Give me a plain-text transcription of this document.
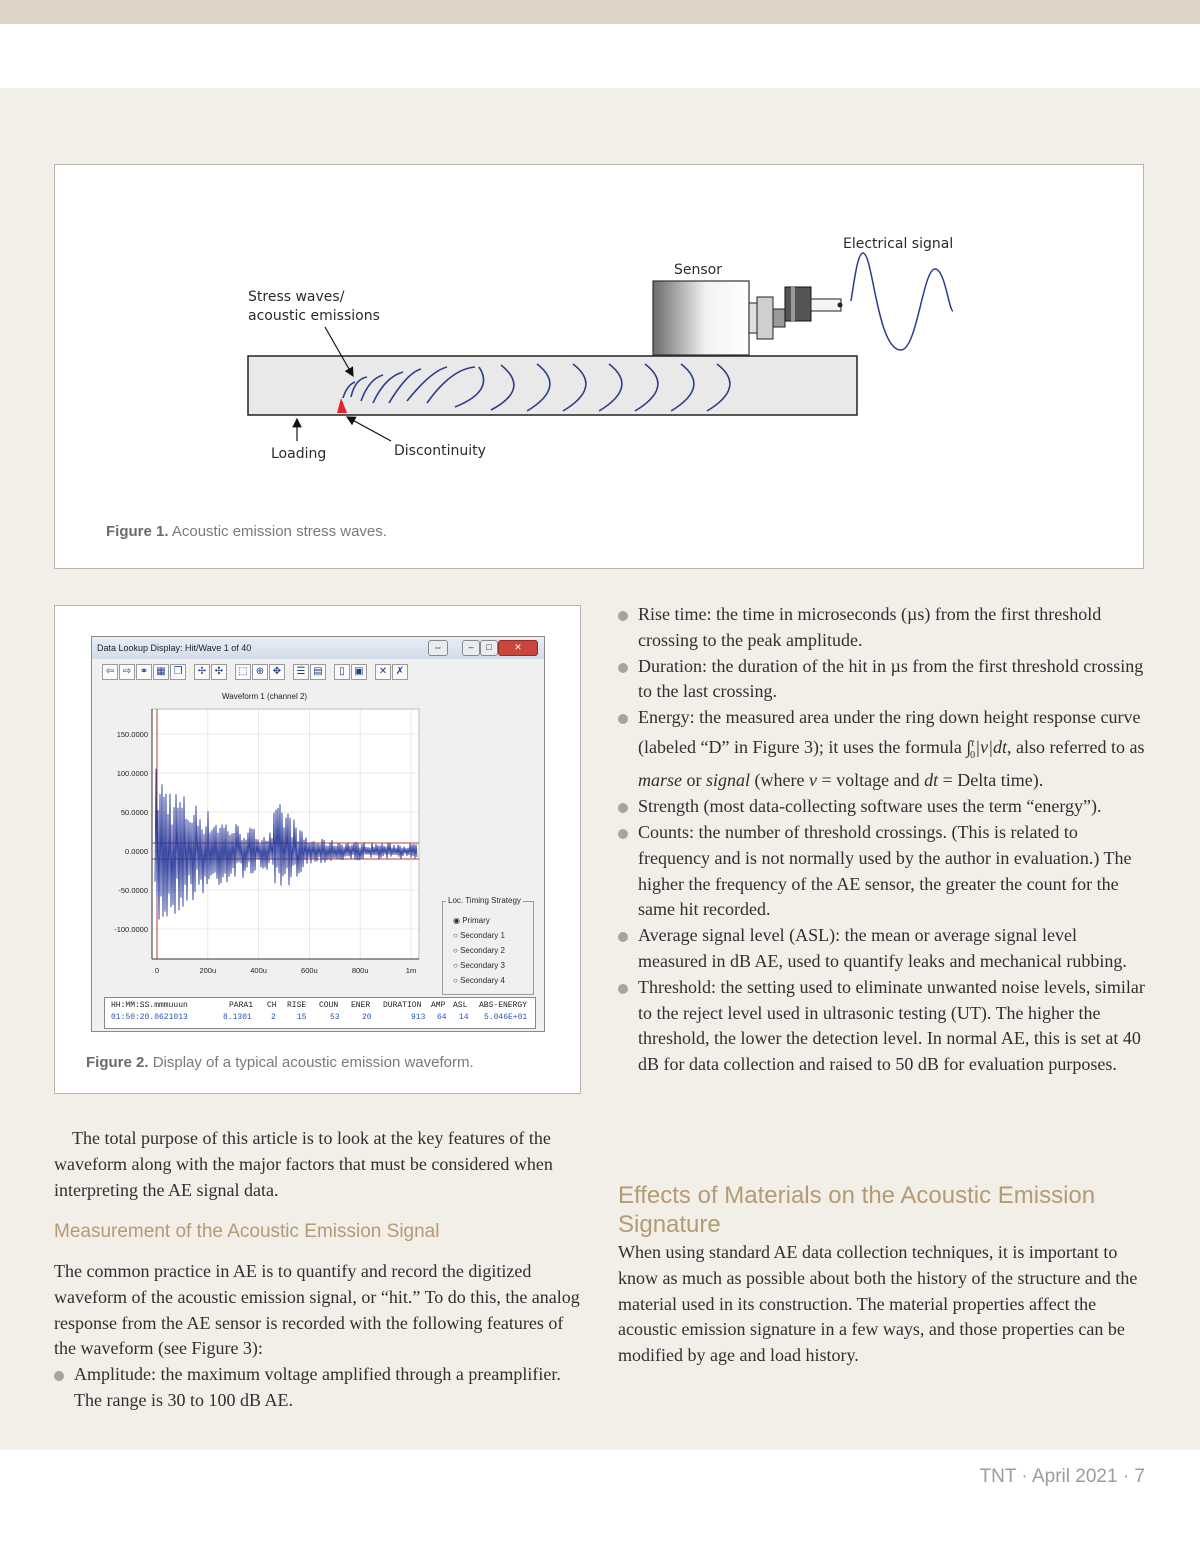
Electrical signal
Sensor
Stress waves/
acoustic emissions
Loading	Discontinuity
Figure 1. Acoustic emission stress waves.
Data Lookup Display: Hit/Wave 1 of 40	⇔	–	□	✕
⇦ ⇨ ⚭ ▦ ❐	✢ ✣	⬚ ⊕ ✥	☰ ▤	▯ ▣	✕ ✗
Waveform 1 (channel 2)
150.0000
100.0000
50.0000
0.0000
-50.0000
-100.0000
0	200u	400u	600u	800u	1m
Loc. Timing Strategy
◉ Primary
○ Secondary 1
○ Secondary 2
○ Secondary 3
○ Secondary 4
HH:MM:SS.mmmuuun	PARA1 CH RISE COUN ENER DURATION AMP ASL ABS-ENERGY
01:50:20.0621013	8.1301 2	15	53	20	913 64 14 5.046E+01
Figure 2. Display of a typical acoustic emission waveform.

The total purpose of this article is to look at the key features of the waveform along with the major factors that must be considered when interpreting the AE signal data.

Measurement of the Acoustic Emission Signal

The common practice in AE is to quantify and record the digitized waveform of the acoustic emission signal, or “hit.” To do this, the analog response from the AE sensor is recorded with the following features of the waveform (see Figure 3):

Amplitude: the maximum voltage amplified through a preamplifier. The range is 30 to 100 dB AE.
Rise time: the time in microseconds (µs) from the first threshold crossing to the peak amplitude.
Duration: the duration of the hit in µs from the first threshold crossing to the last crossing.
Energy: the measured area under the ring down height response curve (labeled “D” in Figure 3); it uses the formula ∫$^t_0$|v|dt, also referred to as marse or signal (where v = voltage and dt = Delta time).
Strength (most data-collecting software uses the term “energy”).
Counts: the number of threshold crossings. (This is related to frequency and is not normally used by the author in evaluation.) The higher the frequency of the AE sensor, the greater the count for the same hit recorded.
Average signal level (ASL): the mean or average signal level measured in dB AE, used to quantify leaks and mechanical rubbing.
Threshold: the setting used to eliminate unwanted noise levels, similar to the reject level used in ultrasonic testing (UT). The higher the threshold, the lower the detection level. In normal AE, this is set at 40 dB for data collection and raised to 50 dB for evaluation purposes.
Effects of Materials on the Acoustic Emission
Signature

When using standard AE data collection techniques, it is important to know as much as possible about both the history of the structure and the material used in its construction. The material properties affect the acoustic emission signature in a few ways, and those properties can be modified by age and load history.

TNT · April 2021 · 7
